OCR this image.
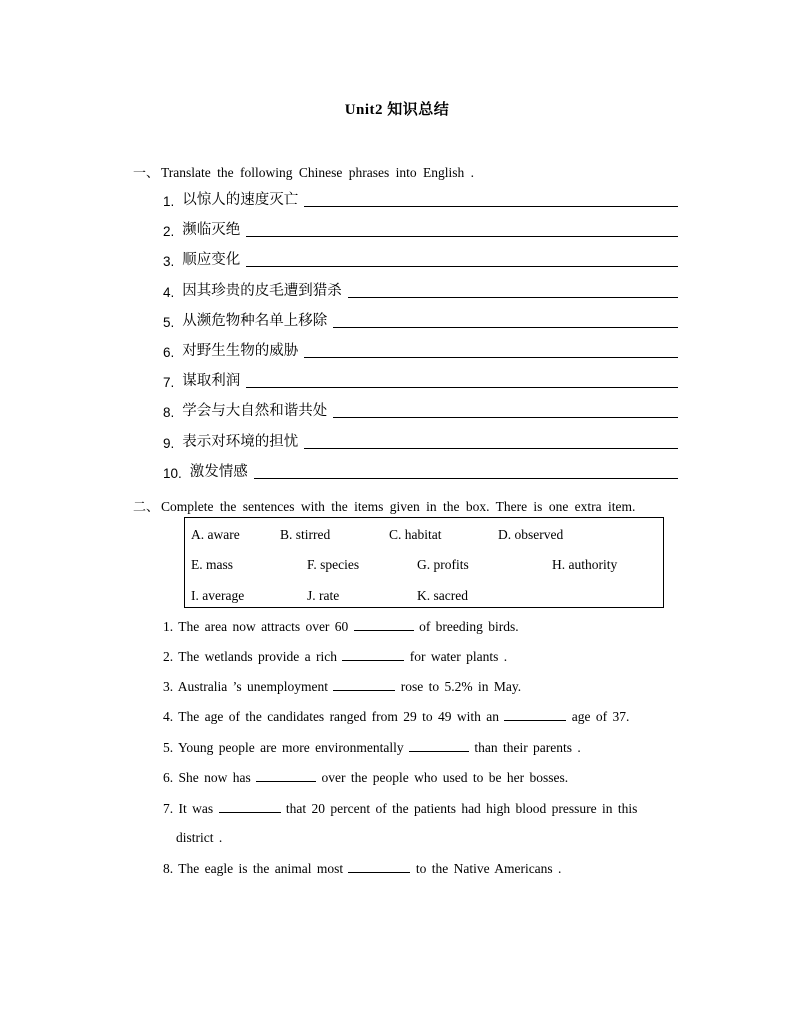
Unit2 知识总结
一、 Translate the following Chinese phrases into English .
1. 以惊人的速度灭亡
2. 濒临灭绝
3. 顺应变化
4. 因其珍贵的皮毛遭到猎杀
5. 从濒危物种名单上移除
6. 对野生生物的威胁
7. 谋取利润
8. 学会与大自然和谐共处
9. 表示对环境的担忧
10. 激发情感
二、 Complete the sentences with the items given in the box. There is one extra item.
A. aware	B. stirred	C. habitat	D. observed
E. mass	F. species	G. profits	H. authority
I. average	J. rate	K. sacred
1. The area now attracts over 60	of breeding birds.
2. The wetlands provide a rich	for water plants .
3. Australia ’s unemployment	rose to 5.2% in May.
4. The age of the candidates ranged from 29 to 49 with an	age of 37.
5. Young people are more environmentally	than their parents .
6. She now has	over the people who used to be her bosses.
7. It was	that 20 percent of the patients had high blood pressure in this
district .
8. The eagle is the animal most	to the Native Americans .
